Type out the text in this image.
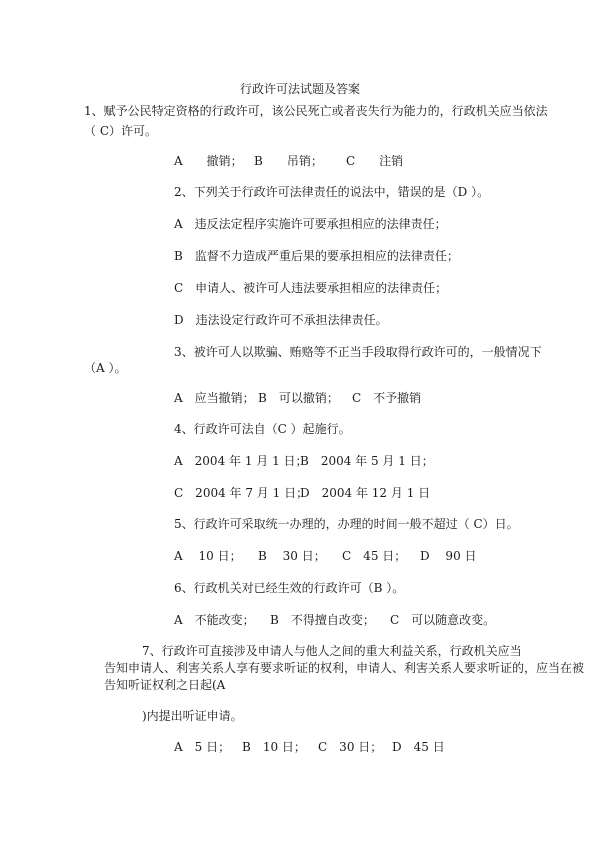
行政许可法试题及答案
1、赋予公民特定资格的行政许可，该公民死亡或者丧失行为能力的，行政机关应当依法
（ C）许可。
A　　撤销； B　　吊销； C　　注销
2、下列关于行政许可法律责任的说法中，错误的是（D ）。
A　违反法定程序实施许可要承担相应的法律责任；
B　监督不力造成严重后果的要承担相应的法律责任；
C　申请人、被许可人违法要承担相应的法律责任；
D　违法设定行政许可不承担法律责任。
3、被许可人以欺骗、贿赂等不正当手段取得行政许可的，一般情况下
（A ）。
A　应当撤销； B　可以撤销； C　不予撤销
4、行政许可法自（C ）起施行。
A　2004 年 1 月 1 日；B　2004 年 5 月 1 日；
C　2004 年 7 月 1 日；D　2004 年 12 月 1 日
5、行政许可采取统一办理的，办理的时间一般不超过（ C）日。
A　 10 日； B　 30 日； C　45 日； D　 90 日
6、行政机关对已经生效的行政许可（B ）。
A　不能改变； B　不得擅自改变； C　可以随意改变。
7、行政许可直接涉及申请人与他人之间的重大利益关系，行政机关应当
告知申请人、利害关系人享有要求听证的权利，申请人、利害关系人要求听证的，应当在被
告知听证权利之日起(A
)内提出听证申请。
A　5 日； B　10 日； C　30 日； D　45 日
